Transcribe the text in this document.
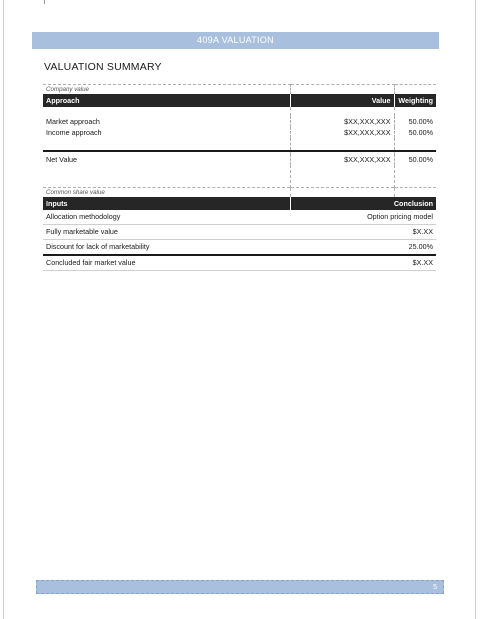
409A VALUATION
VALUATION SUMMARY
Company value		
Approach	Value	Weighting

Market approach	$XX,XXX,XXX	50.00%
Income approach	$XX,XXX,XXX	50.00%

Net Value	$XX,XXX,XXX	50.00%

Common share value		
Inputs	Conclusion
Allocation methodology	Option pricing model
Fully marketable value	$X.XX
Discount for lack of marketability	25.00%
Concluded fair market value	$X.XX
5
